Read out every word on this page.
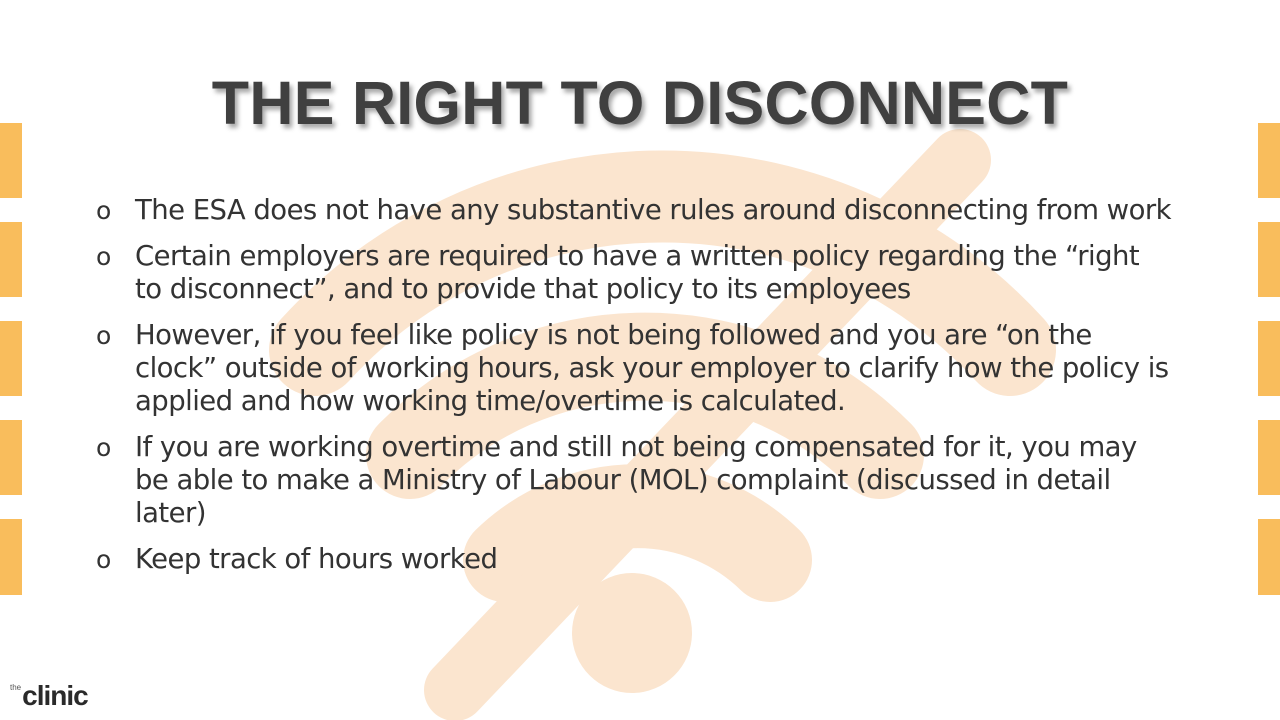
THE RIGHT TO DISCONNECT
o The ESA does not have any substantive rules around disconnecting from work
o Certain employers are required to have a written policy regarding the “right to disconnect”, and to provide that policy to its employees
o However, if you feel like policy is not being followed and you are “on the clock” outside of working hours, ask your employer to clarify how the policy is applied and how working time/overtime is calculated.
o If you are working overtime and still not being compensated for it, you may be able to make a Ministry of Labour (MOL) complaint (discussed in detail later)
o Keep track of hours worked
the clinic
